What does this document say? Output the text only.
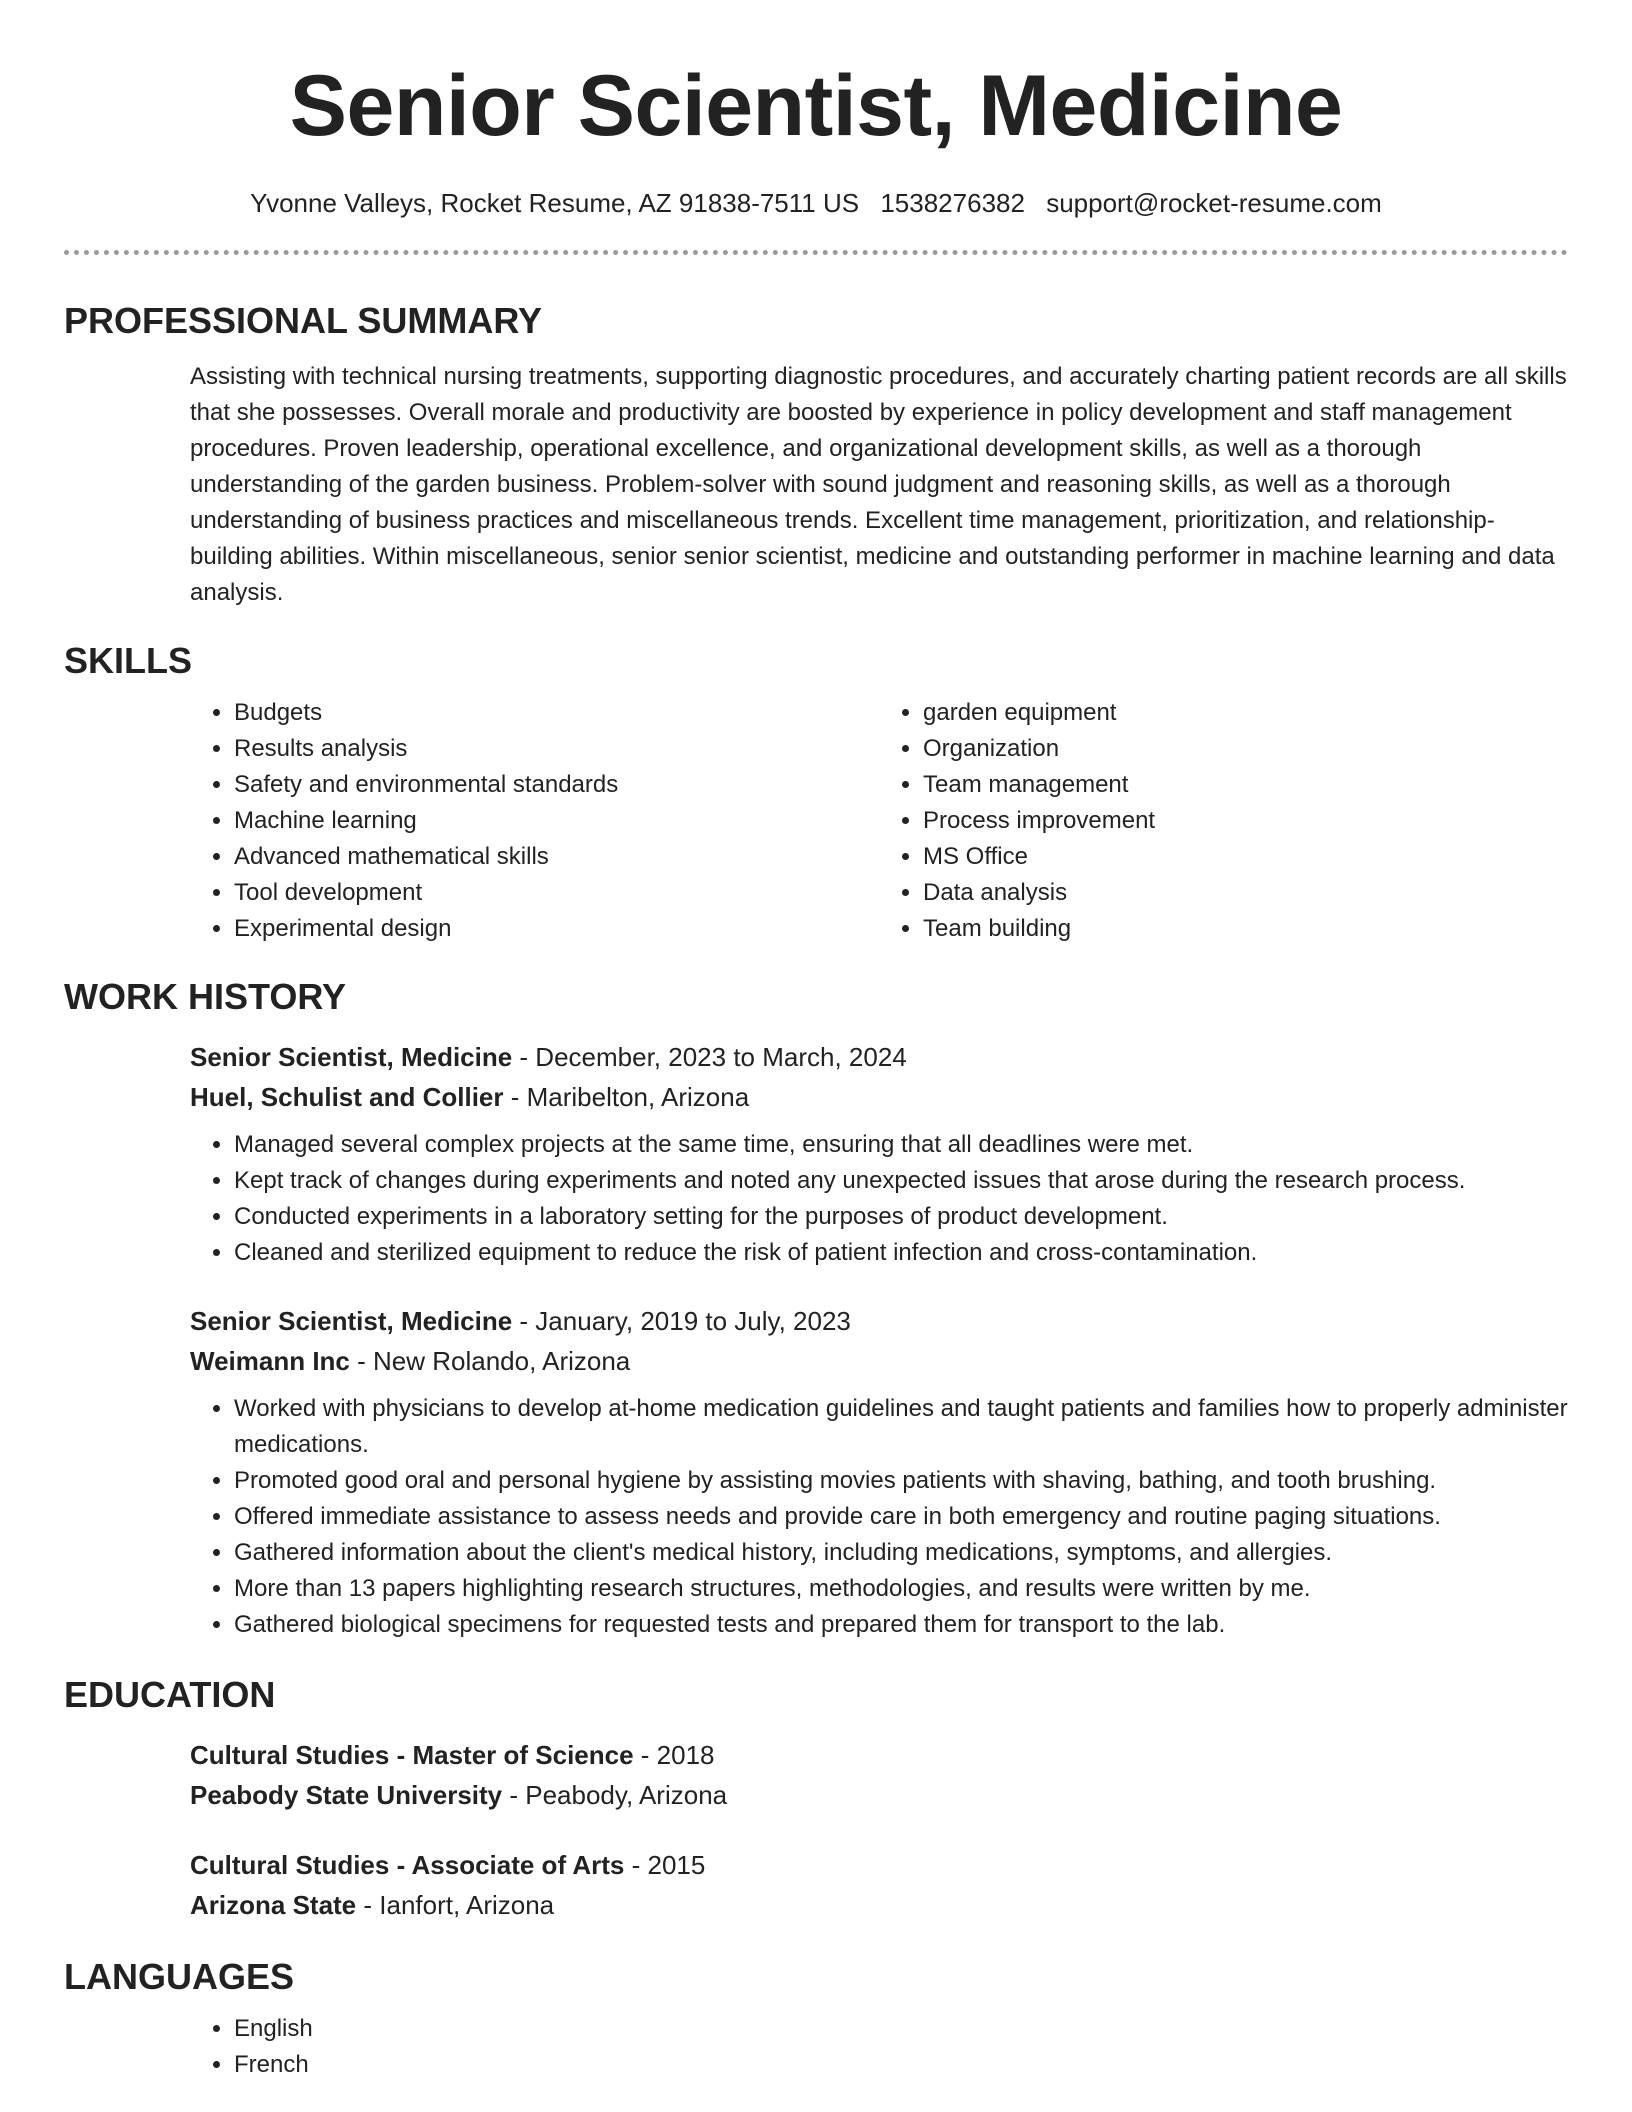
Senior Scientist, Medicine
Yvonne Valleys, Rocket Resume, AZ 91838-7511 US 1538276382 support@rocket-resume.com
PROFESSIONAL SUMMARY

Assisting with technical nursing treatments, supporting diagnostic procedures, and accurately charting patient records are all skills that she possesses. Overall morale and productivity are boosted by experience in policy development and staff management procedures. Proven leadership, operational excellence, and organizational development skills, as well as a thorough understanding of the garden business. Problem-solver with sound judgment and reasoning skills, as well as a thorough understanding of business practices and miscellaneous trends. Excellent time management, prioritization, and relationship-building abilities. Within miscellaneous, senior senior scientist, medicine and outstanding performer in machine learning and data analysis.

SKILLS
• Budgets
• Results analysis
• Safety and environmental standards
• Machine learning
• Advanced mathematical skills
• Tool development
• Experimental design
• garden equipment
• Organization
• Team management
• Process improvement
• MS Office
• Data analysis
• Team building
WORK HISTORY
Senior Scientist, Medicine - December, 2023 to March, 2024
Huel, Schulist and Collier - Maribelton, Arizona
• Managed several complex projects at the same time, ensuring that all deadlines were met.
• Kept track of changes during experiments and noted any unexpected issues that arose during the research process.
• Conducted experiments in a laboratory setting for the purposes of product development.
• Cleaned and sterilized equipment to reduce the risk of patient infection and cross-contamination.
Senior Scientist, Medicine - January, 2019 to July, 2023
Weimann Inc - New Rolando, Arizona
• Worked with physicians to develop at-home medication guidelines and taught patients and families how to properly administer medications.
• Promoted good oral and personal hygiene by assisting movies patients with shaving, bathing, and tooth brushing.
• Offered immediate assistance to assess needs and provide care in both emergency and routine paging situations.
• Gathered information about the client's medical history, including medications, symptoms, and allergies.
• More than 13 papers highlighting research structures, methodologies, and results were written by me.
• Gathered biological specimens for requested tests and prepared them for transport to the lab.
EDUCATION
Cultural Studies - Master of Science - 2018
Peabody State University - Peabody, Arizona
Cultural Studies - Associate of Arts - 2015
Arizona State - Ianfort, Arizona
LANGUAGES
• English
• French
